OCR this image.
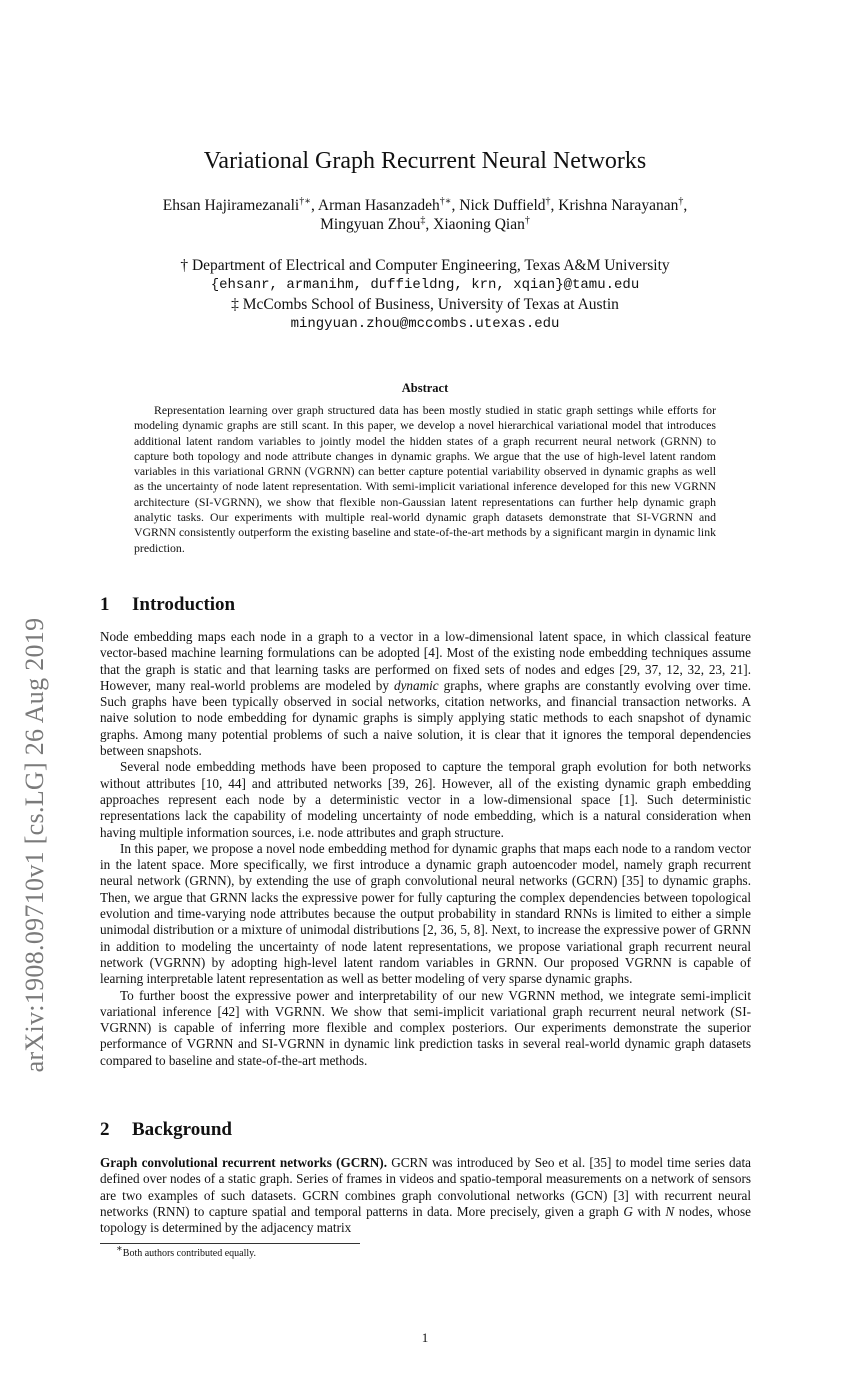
arXiv:1908.09710v1 [cs.LG] 26 Aug 2019
Variational Graph Recurrent Neural Networks
Ehsan Hajiramezanali†∗, Arman Hasanzadeh†∗, Nick Duffield†, Krishna Narayanan†,
Mingyuan Zhou‡, Xiaoning Qian†
† Department of Electrical and Computer Engineering, Texas A&M University
{ehsanr, armanihm, duffieldng, krn, xqian}@tamu.edu
‡ McCombs School of Business, University of Texas at Austin
mingyuan.zhou@mccombs.utexas.edu
Abstract

Representation learning over graph structured data has been mostly studied in static graph settings while efforts for modeling dynamic graphs are still scant. In this paper, we develop a novel hierarchical variational model that introduces additional latent random variables to jointly model the hidden states of a graph recurrent neural network (GRNN) to capture both topology and node attribute changes in dynamic graphs. We argue that the use of high-level latent random variables in this variational GRNN (VGRNN) can better capture potential variability observed in dynamic graphs as well as the uncertainty of node latent representation. With semi-implicit variational inference developed for this new VGRNN architecture (SI-VGRNN), we show that flexible non-Gaussian latent representations can further help dynamic graph analytic tasks. Our experiments with multiple real-world dynamic graph datasets demonstrate that SI-VGRNN and VGRNN consistently outperform the existing baseline and state-of-the-art methods by a significant margin in dynamic link prediction.

1 Introduction

Node embedding maps each node in a graph to a vector in a low-dimensional latent space, in which classical feature vector-based machine learning formulations can be adopted [4]. Most of the existing node embedding techniques assume that the graph is static and that learning tasks are performed on fixed sets of nodes and edges [29, 37, 12, 32, 23, 21]. However, many real-world problems are modeled by dynamic graphs, where graphs are constantly evolving over time. Such graphs have been typically observed in social networks, citation networks, and financial transaction networks. A naive solution to node embedding for dynamic graphs is simply applying static methods to each snapshot of dynamic graphs. Among many potential problems of such a naive solution, it is clear that it ignores the temporal dependencies between snapshots.

Several node embedding methods have been proposed to capture the temporal graph evolution for both networks without attributes [10, 44] and attributed networks [39, 26]. However, all of the existing dynamic graph embedding approaches represent each node by a deterministic vector in a low-dimensional space [1]. Such deterministic representations lack the capability of modeling uncertainty of node embedding, which is a natural consideration when having multiple information sources, i.e. node attributes and graph structure.

In this paper, we propose a novel node embedding method for dynamic graphs that maps each node to a random vector in the latent space. More specifically, we first introduce a dynamic graph autoencoder model, namely graph recurrent neural network (GRNN), by extending the use of graph convolutional neural networks (GCRN) [35] to dynamic graphs. Then, we argue that GRNN lacks the expressive power for fully capturing the complex dependencies between topological evolution and time-varying node attributes because the output probability in standard RNNs is limited to either a simple unimodal distribution or a mixture of unimodal distributions [2, 36, 5, 8]. Next, to increase the expressive power of GRNN in addition to modeling the uncertainty of node latent representations, we propose variational graph recurrent neural network (VGRNN) by adopting high-level latent random variables in GRNN. Our proposed VGRNN is capable of learning interpretable latent representation as well as better modeling of very sparse dynamic graphs.

To further boost the expressive power and interpretability of our new VGRNN method, we integrate semi-implicit variational inference [42] with VGRNN. We show that semi-implicit variational graph recurrent neural network (SI-VGRNN) is capable of inferring more flexible and complex posteriors. Our experiments demonstrate the superior performance of VGRNN and SI-VGRNN in dynamic link prediction tasks in several real-world dynamic graph datasets compared to baseline and state-of-the-art methods.

2 Background

Graph convolutional recurrent networks (GCRN). GCRN was introduced by Seo et al. [35] to model time series data defined over nodes of a static graph. Series of frames in videos and spatio-temporal measurements on a network of sensors are two examples of such datasets. GCRN combines graph convolutional networks (GCN) [3] with recurrent neural networks (RNN) to capture spatial and temporal patterns in data. More precisely, given a graph G with N nodes, whose topology is determined by the adjacency matrix

∗Both authors contributed equally.
1
